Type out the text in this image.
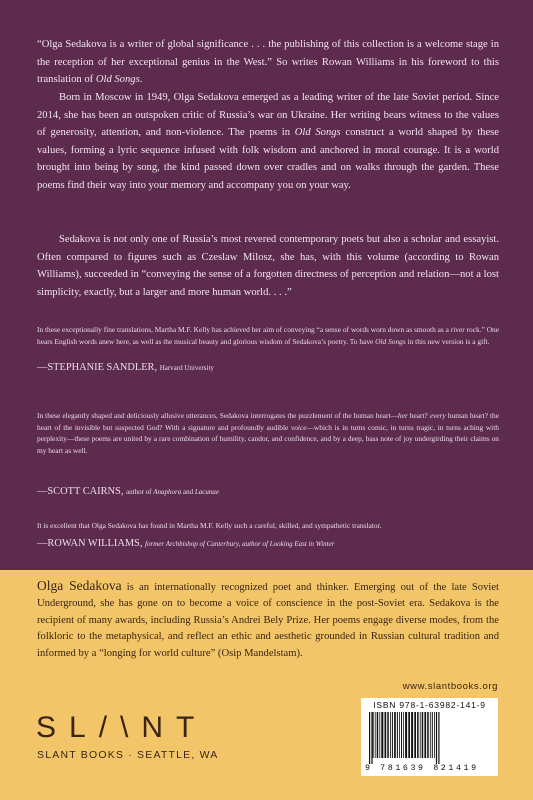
“Olga Sedakova is a writer of global significance . . . the publishing of this collection is a welcome stage in the reception of her exceptional genius in the West.” So writes Rowan Williams in his foreword to this translation of Old Songs.

Born in Moscow in 1949, Olga Sedakova emerged as a leading writer of the late Soviet period. Since 2014, she has been an outspoken critic of Russia’s war on Ukraine. Her writing bears witness to the values of generosity, attention, and non-violence. The poems in Old Songs construct a world shaped by these values, forming a lyric sequence infused with folk wisdom and anchored in moral courage. It is a world brought into being by song, the kind passed down over cradles and on walks through the garden. These poems find their way into your memory and accompany you on your way.

Sedakova is not only one of Russia’s most revered contemporary poets but also a scholar and essayist. Often compared to figures such as Czeslaw Milosz, she has, with this volume (according to Rowan Williams), succeeded in “conveying the sense of a forgotten directness of perception and relation—not a lost simplicity, exactly, but a larger and more human world. . . .”

In these exceptionally fine translations, Martha M.F. Kelly has achieved her aim of conveying “a sense of words worn down as smooth as a river rock.” One hears English words anew here, as well as the musical beauty and glorious wisdom of Sedakova’s poetry. To have Old Songs in this new version is a gift.

—STEPHANIE SANDLER, Harvard University

In these elegantly shaped and deliciously allusive utterances, Sedakova interrogates the puzzlement of the human heart—her heart? every human heart? the heart of the invisible but suspected God? With a signature and profoundly audible voice—which is in turns comic, in turns tragic, in turns aching with perplexity—these poems are united by a rare combination of humility, candor, and confidence, and by a deep, bass note of joy undergirding their claims on my heart as well.

—SCOTT CAIRNS, author of Anaphora and Lacunae

It is excellent that Olga Sedakova has found in Martha M.F. Kelly such a careful, skilled, and sympathetic translator.

—ROWAN WILLIAMS, former Archbishop of Canterbury, author of Looking East in Winter

Olga Sedakova is an internationally recognized poet and thinker. Emerging out of the late Soviet Underground, she has gone on to become a voice of conscience in the post-Soviet era. Sedakova is the recipient of many awards, including Russia’s Andrei Bely Prize. Her poems engage diverse modes, from the folkloric to the metaphysical, and reflect an ethic and aesthetic grounded in Russian cultural tradition and informed by a “longing for world culture” (Osip Mandelstam).

www.slantbooks.org

SL/\NT

SLANT BOOKS · SEATTLE, WA

ISBN 978-1-63982-141-9
9 781639 821419
